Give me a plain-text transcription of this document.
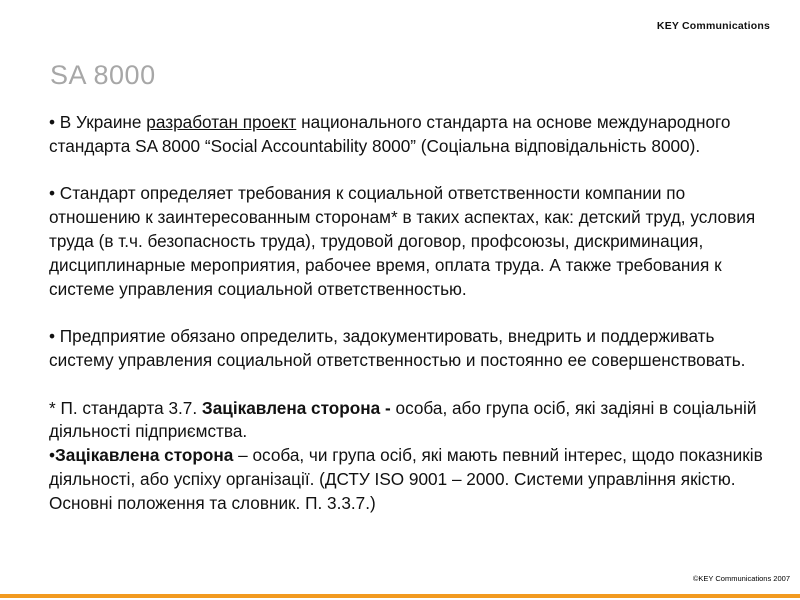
KEY Communications
SA 8000

• В Украине разработан проект национального стандарта на основе международного стандарта SA 8000 “Social Accountability 8000” (Соціальна відповідальність 8000).

• Стандарт определяет требования к социальной ответственности компании по отношению к заинтересованным сторонам* в таких аспектах, как: детский труд, условия труда (в т.ч. безопасность труда), трудовой договор, профсоюзы, дискриминация, дисциплинарные мероприятия, рабочее время, оплата труда. А также требования к системе управления социальной ответственностью.

• Предприятие обязано определить, задокументировать, внедрить и поддерживать систему управления социальной ответственностью и постоянно ее совершенствовать.

* П. стандарта 3.7. Зацікавлена сторона - особа, або група осіб, які задіяні в соціальній діяльності підприємства.

•Зацікавлена сторона – особа, чи група осіб, які мають певний інтерес, щодо показників діяльності, або успіху організації. (ДСТУ ISO 9001 – 2000. Системи управління якістю. Основні положення та словник. П. 3.3.7.)

©KEY Communications 2007
